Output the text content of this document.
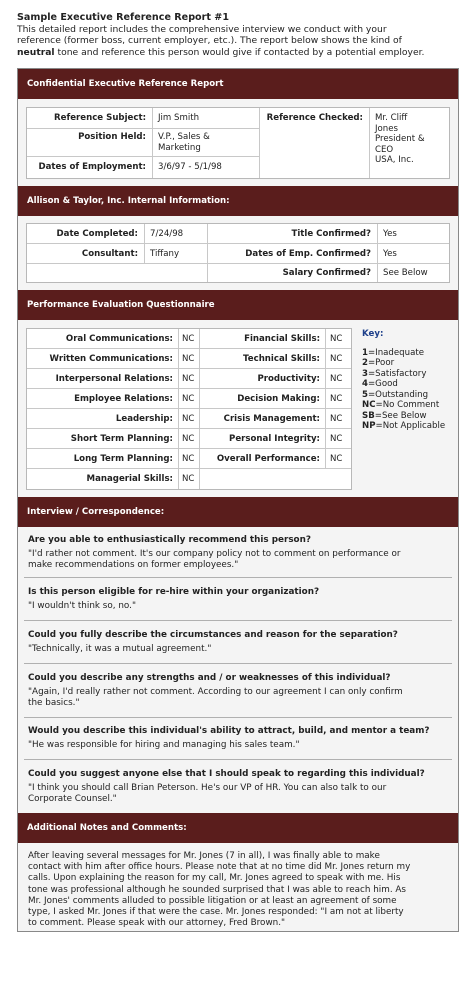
Sample Executive Reference Report #1
This detailed report includes the comprehensive interview we conduct with your
reference (former boss, current employer, etc.). The report below shows the kind of
neutral tone and reference this person would give if contacted by a potential employer.
Confidential Executive Reference Report
Reference Subject: Jim Smith
Position Held: V.P., Sales &
Marketing
Dates of Employment: 3/6/97 - 5/1/98
Reference Checked: Mr. Cliff
Jones
President &
CEO
USA, Inc.
Allison & Taylor, Inc. Internal Information:
Date Completed: 7/24/98
Consultant: Tiffany
Title Confirmed? Yes
Dates of Emp. Confirmed? Yes
Salary Confirmed? See Below
Performance Evaluation Questionnaire
Oral Communications: NC
Written Communications: NC
Interpersonal Relations: NC
Employee Relations: NC
Leadership: NC
Short Term Planning: NC
Long Term Planning: NC
Managerial Skills: NC
Financial Skills: NC
Technical Skills: NC
Productivity: NC
Decision Making: NC
Crisis Management: NC
Personal Integrity: NC
Overall Performance: NC
Key:
1=Inadequate
2=Poor
3=Satisfactory
4=Good
5=Outstanding
NC=No Comment
SB=See Below
NP=Not Applicable
Interview / Correspondence:
Are you able to enthusiastically recommend this person?
"I'd rather not comment. It's our company policy not to comment on performance or
make recommendations on former employees."
Is this person eligible for re-hire within your organization?
"I wouldn't think so, no."
Could you fully describe the circumstances and reason for the separation?
"Technically, it was a mutual agreement."
Could you describe any strengths and / or weaknesses of this individual?
"Again, I'd really rather not comment. According to our agreement I can only confirm
the basics."
Would you describe this individual's ability to attract, build, and mentor a team?
"He was responsible for hiring and managing his sales team."
Could you suggest anyone else that I should speak to regarding this individual?
"I think you should call Brian Peterson. He's our VP of HR. You can also talk to our
Corporate Counsel."
Additional Notes and Comments:
After leaving several messages for Mr. Jones (7 in all), I was finally able to make
contact with him after office hours. Please note that at no time did Mr. Jones return my
calls. Upon explaining the reason for my call, Mr. Jones agreed to speak with me. His
tone was professional although he sounded surprised that I was able to reach him. As
Mr. Jones' comments alluded to possible litigation or at least an agreement of some
type, I asked Mr. Jones if that were the case. Mr. Jones responded: "I am not at liberty
to comment. Please speak with our attorney, Fred Brown."
